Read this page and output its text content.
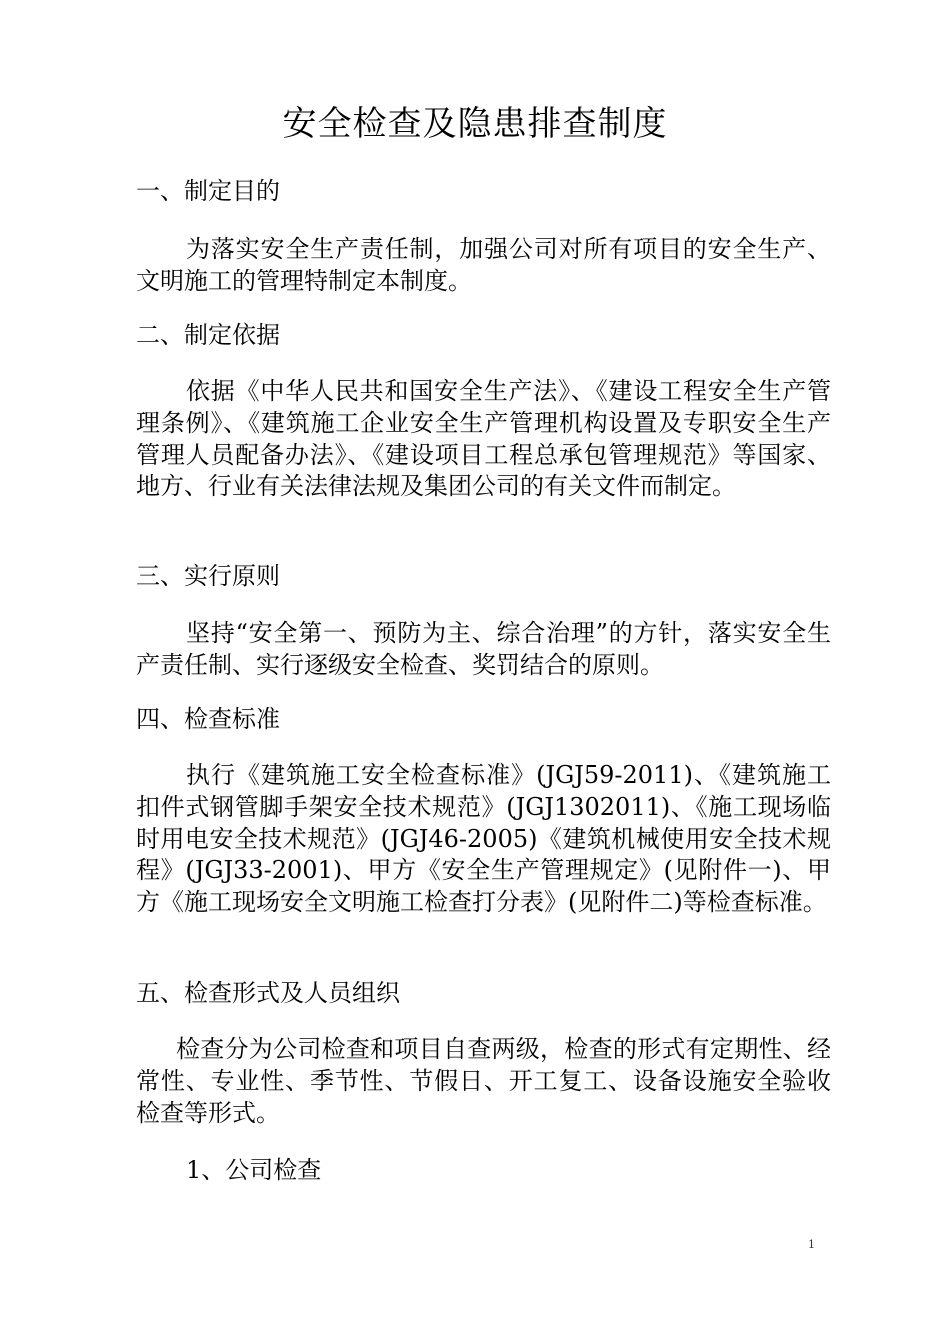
安全检查及隐患排查制度
一、制定目的

为落实安全生产责任制，加强公司对所有项目的安全生产、文明施工的管理特制定本制度。

二、制定依据

依据《中华人民共和国安全生产法》、《建设工程安全生产管理条例》、《建筑施工企业安全生产管理机构设置及专职安全生产管理人员配备办法》、《建设项目工程总承包管理规范》等国家、地方、行业有关法律法规及集团公司的有关文件而制定。

三、实行原则

坚持“安全第一、预防为主、综合治理”的方针，落实安全生产责任制、实行逐级安全检查、奖罚结合的原则。

四、检查标准

执行《建筑施工安全检查标准》(JGJ59-2011)、《建筑施工扣件式钢管脚手架安全技术规范》(JGJ1302011)、《施工现场临时用电安全技术规范》(JGJ46-2005)《建筑机械使用安全技术规程》(JGJ33-2001)、甲方《安全生产管理规定》(见附件一)、甲方《施工现场安全文明施工检查打分表》(见附件二)等检查标准。

五、检查形式及人员组织

检查分为公司检查和项目自查两级，检查的形式有定期性、经常性、专业性、季节性、节假日、开工复工、设备设施安全验收检查等形式。

1、公司检查
1
